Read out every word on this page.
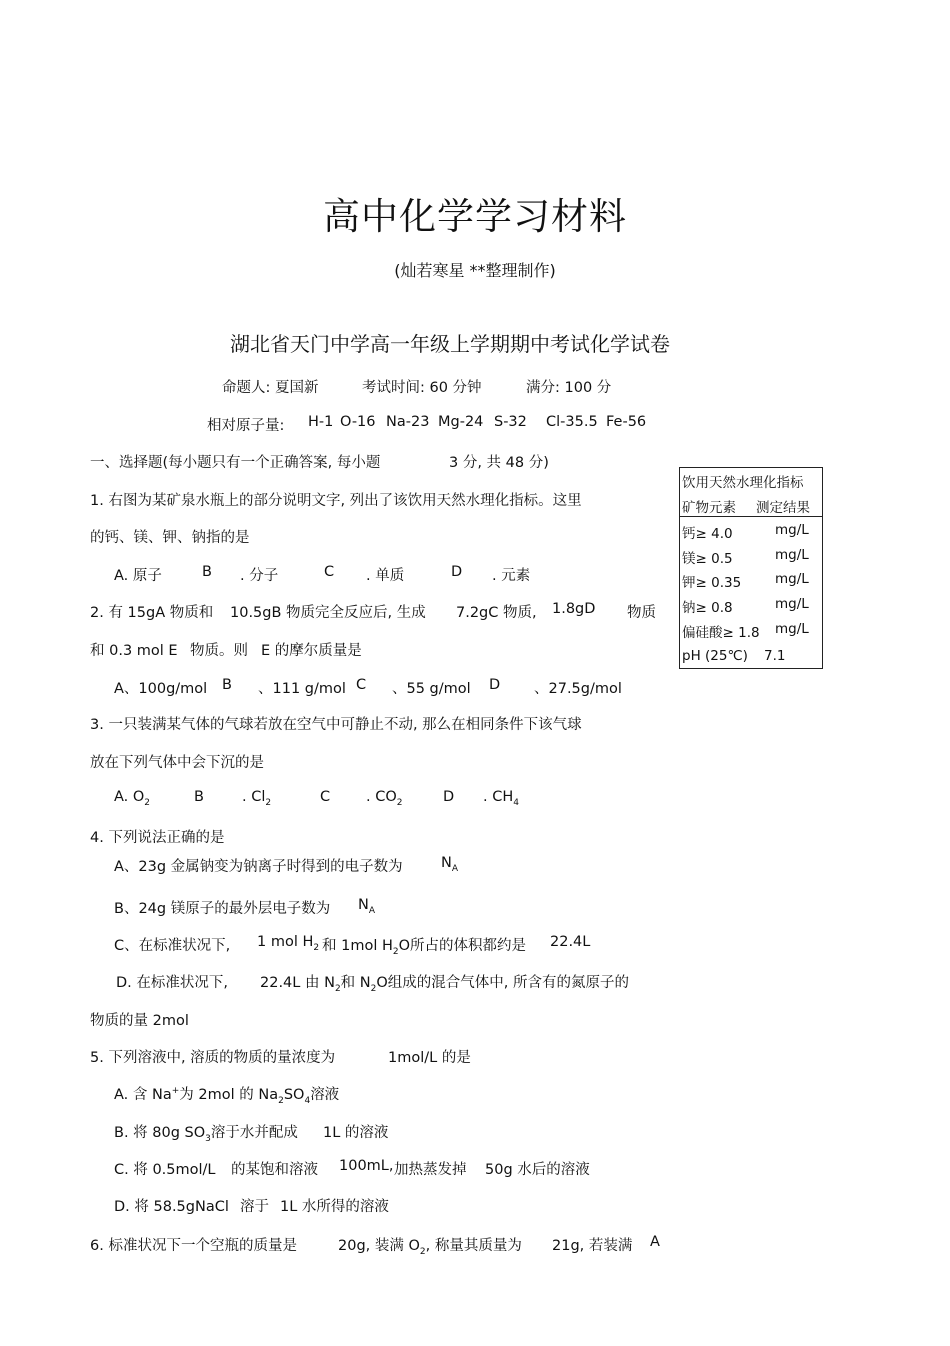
高中化学学习材料
(灿若寒星 **整理制作)
湖北省天门中学高一年级上学期期中考试化学试卷
命题人: 夏国新	考试时间: 60 分钟	满分: 100 分
相对原子量: H-1 O-16 Na-23 Mg-24 S-32 Cl-35.5 Fe-56
一、选择题(每小题只有一个正确答案, 每小题	3 分, 共 48 分)
饮用天然水理化指标
矿物元素 测定结果
钙≥ 4.0	mg/L
镁≥ 0.5	mg/L
钾≥ 0.35	mg/L
钠≥ 0.8	mg/L
偏硅酸≥ 1.8 mg/L
pH (25℃) 7.1
1. 右图为某矿泉水瓶上的部分说明文字, 列出了该饮用天然水理化指标。这里
的钙、镁、钾、钠指的是
A. 原子	B . 分子	C . 单质	D . 元素
2. 有 15gA 物质和 10.5gB 物质完全反应后, 生成 7.2gC 物质, 1.8gD 物质
和 0.3 mol E 物质。则 E 的摩尔质量是
A、100g/mol B 、111 g/mol C 、55 g/mol D 、27.5g/mol
3. 一只装满某气体的气球若放在空气中可静止不动, 那么在相同条件下该气球
放在下列气体中会下沉的是
A. $O_2$	B	. $Cl_2$	C . $CO_2$	D . $CH_4$
4. 下列说法正确的是
A、23g 金属钠变为钠离子时得到的电子数为	$N_A$
B、24g 镁原子的最外层电子数为 $N_A$
C、在标准状况下, 1 mol $H_2$ 和 1mol $H_2O$所占的体积都约是 22.4L
D. 在标准状况下, 22.4L 由 $N_2$和 $N_2O$组成的混合气体中, 所含有的氮原子的
物质的量 2mol
5. 下列溶液中, 溶质的物质的量浓度为	1mol/L 的是
A. 含 Na+为 2mol 的 $Na_2SO_4$溶液
B. 将 80g $SO_3$溶于水并配成 1L 的溶液
C. 将 0.5mol/L 的某饱和溶液 100mL, 加热蒸发掉 50g 水后的溶液
D. 将 58.5gNaCl 溶于 1L 水所得的溶液
6. 标准状况下一个空瓶的质量是	20g, 装满 $O_2$, 称量其质量为 21g, 若装满 A
